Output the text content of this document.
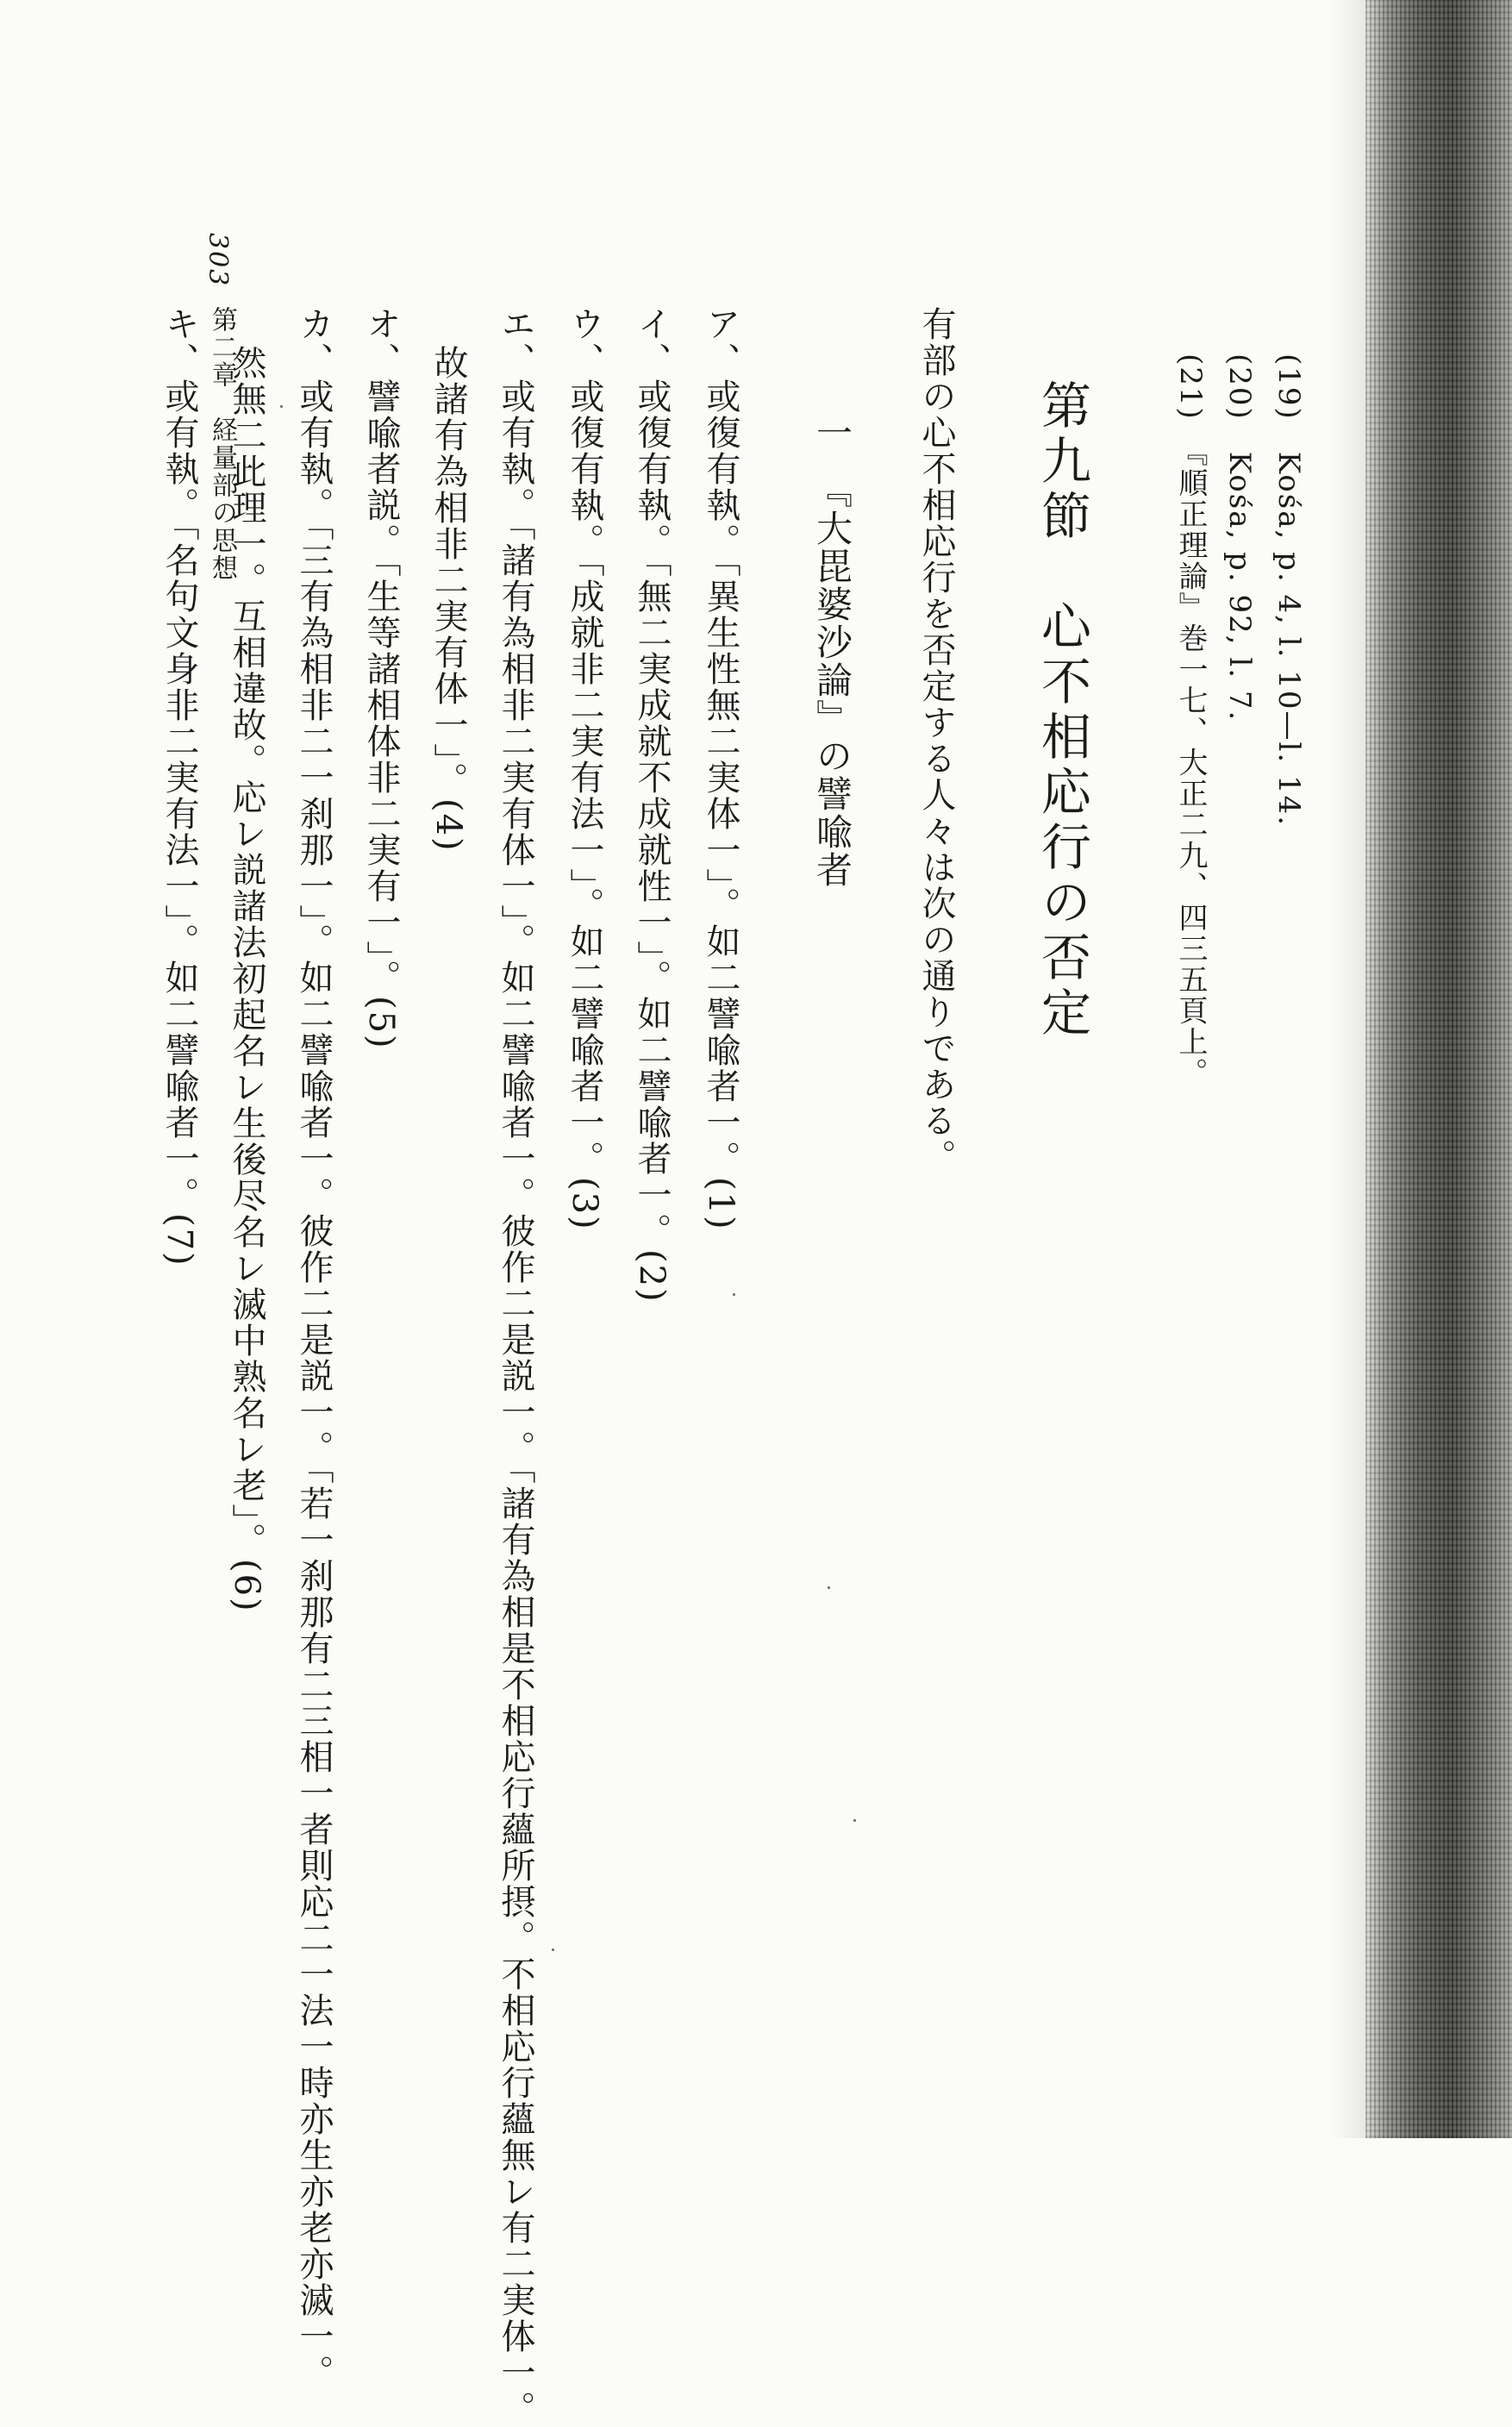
(19)　Kośa, p. 4, l. 10—l. 14.
(20)　Kośa, p. 92, l. 7.
(21)　『順正理論』巻一七、大正二九、四三五頁上。
第九節　心不相応行の否定
有部の心不相応行を否定する人々は次の通りである。
一　『大毘婆沙論』の譬喩者
ア、或復有執。「異生性無二実体一」。如二譬喩者一。(1)
イ、或復有執。「無二実成就不成就性一」。如二譬喩者一。(2)
ウ、或復有執。「成就非二実有法一」。如二譬喩者一。(3)
エ、或有執。「諸有為相非二実有体一」。如二譬喩者一。彼作二是説一。「諸有為相是不相応行蘊所摂。不相応行蘊無レ有二実体一。
故諸有為相非二実有体一」。(4)
オ、譬喩者説。「生等諸相体非二実有一」。(5)
カ、或有執。「三有為相非二一刹那一」。如二譬喩者一。彼作二是説一。「若一刹那有二三相一者則応二一法一時亦生亦老亦滅一。
然無二此理一。互相違故。応レ説諸法初起名レ生後尽名レ滅中熟名レ老」。(6)
キ、或有執。「名句文身非二実有法一」。如二譬喩者一。(7)
303
第二章　経量部の思想
